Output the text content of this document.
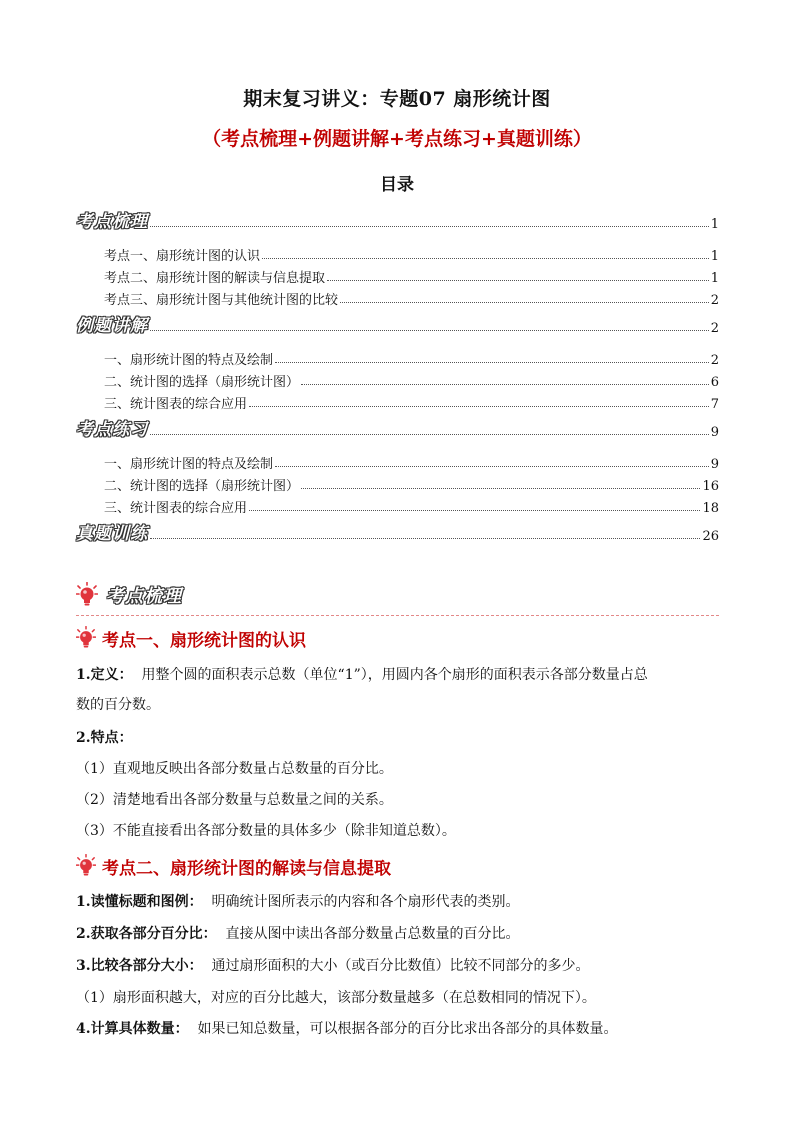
期末复习讲义：专题07 扇形统计图
（考点梳理+例题讲解+考点练习+真题训练）
目录
考点梳理	1
考点一、扇形统计图的认识	1
考点二、扇形统计图的解读与信息提取	1
考点三、扇形统计图与其他统计图的比较	2
例题讲解	2
一、扇形统计图的特点及绘制	2
二、统计图的选择（扇形统计图）	6
三、统计图表的综合应用	7
考点练习	9
一、扇形统计图的特点及绘制	9
二、统计图的选择（扇形统计图）	16
三、统计图表的综合应用	18
真题训练	26
考点梳理
考点一、扇形统计图的认识
1.定义： 用整个圆的面积表示总数（单位“1”），用圆内各个扇形的面积表示各部分数量占总
数的百分数。
2.特点：
（1）直观地反映出各部分数量占总数量的百分比。
（2）清楚地看出各部分数量与总数量之间的关系。
（3）不能直接看出各部分数量的具体多少（除非知道总数）。
考点二、扇形统计图的解读与信息提取
1.读懂标题和图例： 明确统计图所表示的内容和各个扇形代表的类别。
2.获取各部分百分比： 直接从图中读出各部分数量占总数量的百分比。
3.比较各部分大小： 通过扇形面积的大小（或百分比数值）比较不同部分的多少。
（1）扇形面积越大，对应的百分比越大，该部分数量越多（在总数相同的情况下）。
4.计算具体数量： 如果已知总数量，可以根据各部分的百分比求出各部分的具体数量。
